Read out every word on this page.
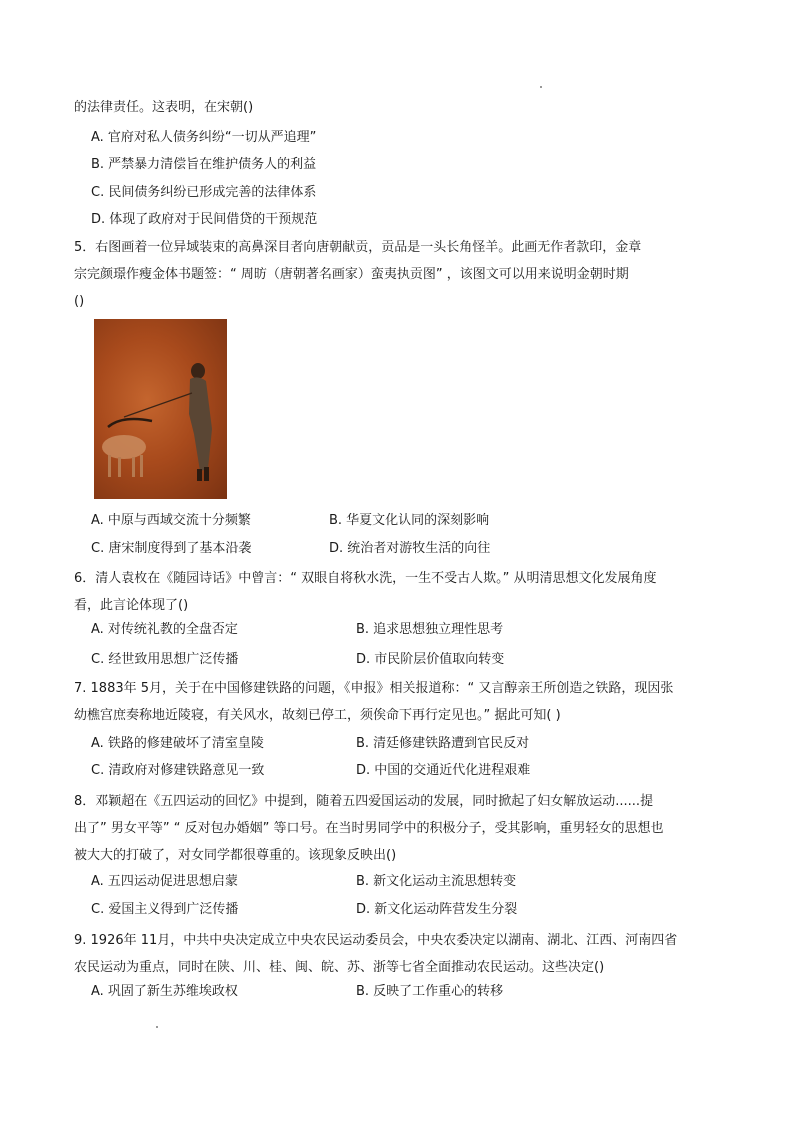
的法律责任。这表明，在宋朝()
A. 官府对私人债务纠纷“一切从严追理”
B. 严禁暴力清偿旨在维护债务人的利益
C. 民间债务纠纷已形成完善的法律体系
D. 体现了政府对于民间借贷的干预规范
5．右图画着一位异域装束的高鼻深目者向唐朝献贡，贡品是一头长角怪羊。此画无作者款印，金章
宗完颜璟作瘦金体书题签：“ 周昉（唐朝著名画家）蛮夷执贡图” ，该图文可以用来说明金朝时期
()
A. 中原与西域交流十分频繁	B. 华夏文化认同的深刻影响
C. 唐宋制度得到了基本沿袭	D. 统治者对游牧生活的向往
6．清人袁枚在《随园诗话》中曾言：“ 双眼自将秋水洗，一生不受古人欺。” 从明清思想文化发展角度
看，此言论体现了()
A. 对传统礼教的全盘否定	B. 追求思想独立理性思考
C. 经世致用思想广泛传播	D. 市民阶层价值取向转变
7. 1883年 5月，关于在中国修建铁路的问题，《申报》相关报道称：“ 又言醇亲王所创造之铁路，现因张
幼樵宫庶奏称地近陵寝，有关风水，故刻已停工，须俟命下再行定见也。” 据此可知( )
A. 铁路的修建破坏了清室皇陵	B. 清廷修建铁路遭到官民反对
C. 清政府对修建铁路意见一致	D. 中国的交通近代化进程艰难
8．邓颖超在《五四运动的回忆》中提到，随着五四爱国运动的发展，同时掀起了妇女解放运动......提
出了” 男女平等” “ 反对包办婚姻” 等口号。在当时男同学中的积极分子，受其影响，重男轻女的思想也
被大大的打破了，对女同学都很尊重的。该现象反映出()
A. 五四运动促进思想启蒙	B. 新文化运动主流思想转变
C. 爱国主义得到广泛传播	D. 新文化运动阵营发生分裂
9. 1926年 11月，中共中央决定成立中央农民运动委员会，中央农委决定以湖南、湖北、江西、河南四省
农民运动为重点，同时在陕、川、桂、闽、皖、苏、浙等七省全面推动农民运动。这些决定()
A. 巩固了新生苏维埃政权	B. 反映了工作重心的转移
